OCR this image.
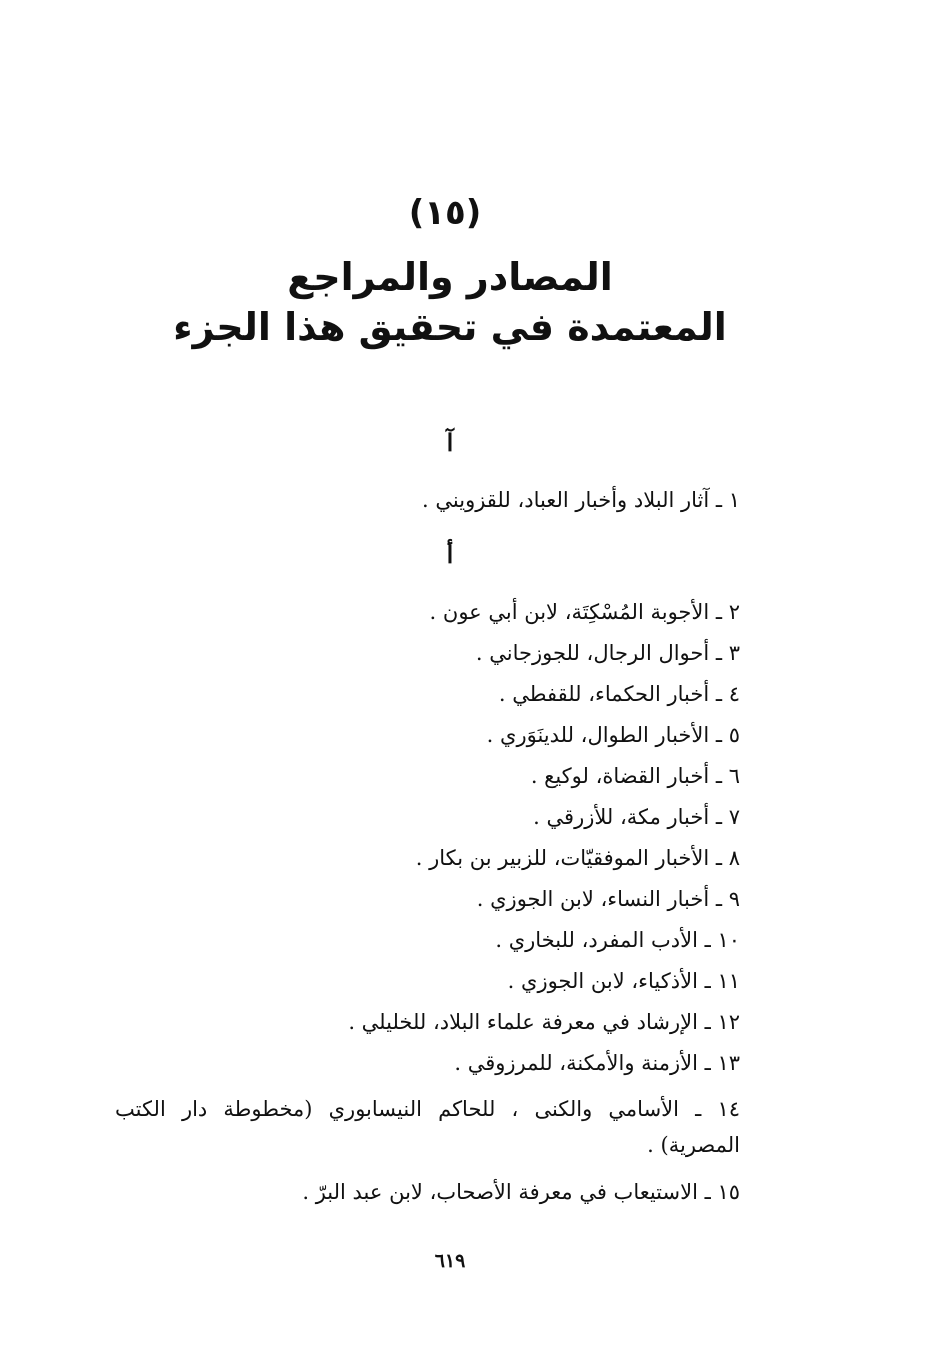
(١٥)
المصادر والمراجع
المعتمدة في تحقيق هذا الجزء
آ
١ ـ آثار البلاد وأخبار العباد، للقزويني .
أ
٢ ـ الأجوبة المُسْكِتَة، لابن أبي عون .
٣ ـ أحوال الرجال، للجوزجاني .
٤ ـ أخبار الحكماء، للقفطي .
٥ ـ الأخبار الطوال، للدينَوَري .
٦ ـ أخبار القضاة، لوكيع .
٧ ـ أخبار مكة، للأزرقي .
٨ ـ الأخبار الموفقيّات، للزبير بن بكار .
٩ ـ أخبار النساء، لابن الجوزي .
١٠ ـ الأدب المفرد، للبخاري .
١١ ـ الأذكياء، لابن الجوزي .
١٢ ـ الإرشاد في معرفة علماء البلاد، للخليلي .
١٣ ـ الأزمنة والأمكنة، للمرزوقي .
١٤ ـ الأسامي والكنى ، للحاكم النيسابوري (مخطوطة دار الكتب المصرية) .
١٥ ـ الاستيعاب في معرفة الأصحاب، لابن عبد البرّ .
٦١٩
